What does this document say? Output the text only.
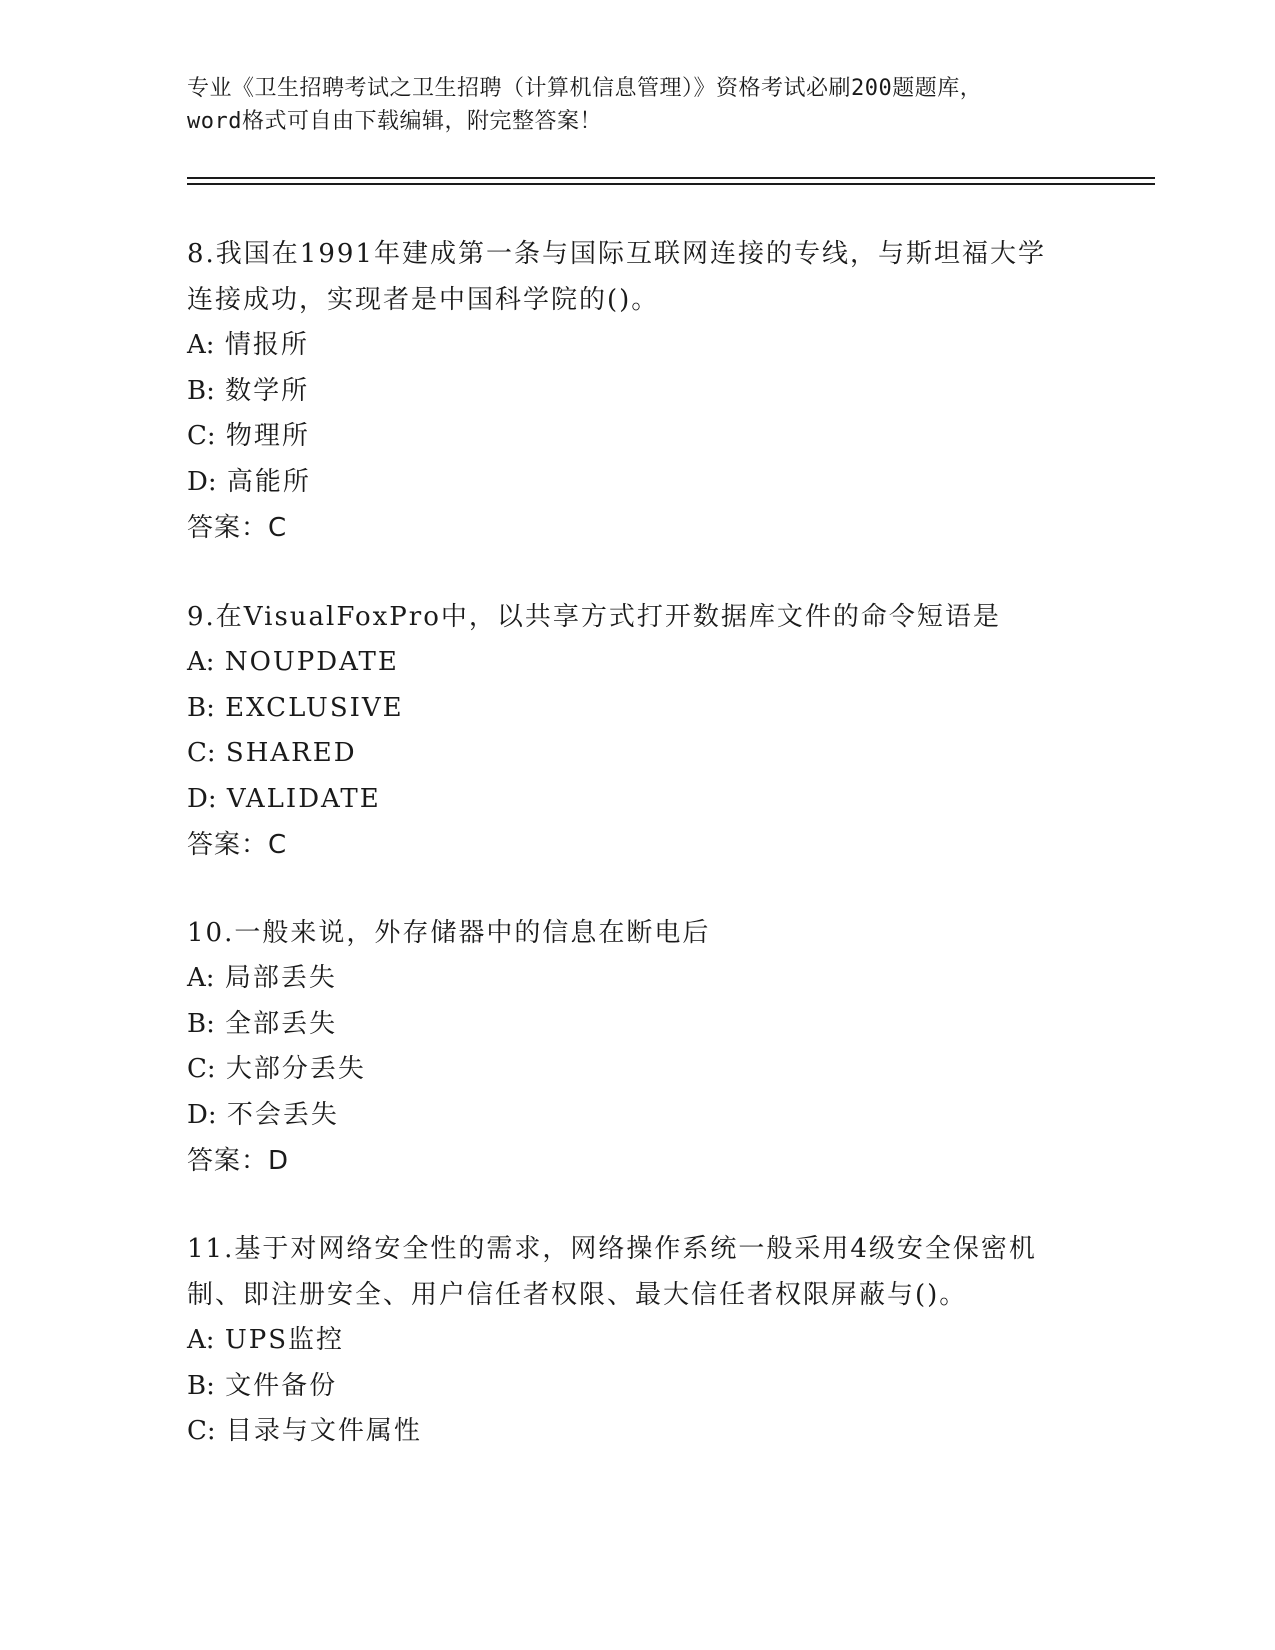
专业《卫生招聘考试之卫生招聘（计算机信息管理）》资格考试必刷200题题库，
word格式可自由下载编辑，附完整答案！

8.我国在1991年建成第一条与国际互联网连接的专线，与斯坦福大学

连接成功，实现者是中国科学院的()。

A: 情报所

B: 数学所

C: 物理所

D: 高能所

答案：C

9.在VisualFoxPro中，以共享方式打开数据库文件的命令短语是

A: NOUPDATE

B: EXCLUSIVE

C: SHARED

D: VALIDATE

答案：C

10.一般来说，外存储器中的信息在断电后

A: 局部丢失

B: 全部丢失

C: 大部分丢失

D: 不会丢失

答案：D

11.基于对网络安全性的需求，网络操作系统一般采用4级安全保密机

制、即注册安全、用户信任者权限、最大信任者权限屏蔽与()。

A: UPS监控

B: 文件备份

C: 目录与文件属性
